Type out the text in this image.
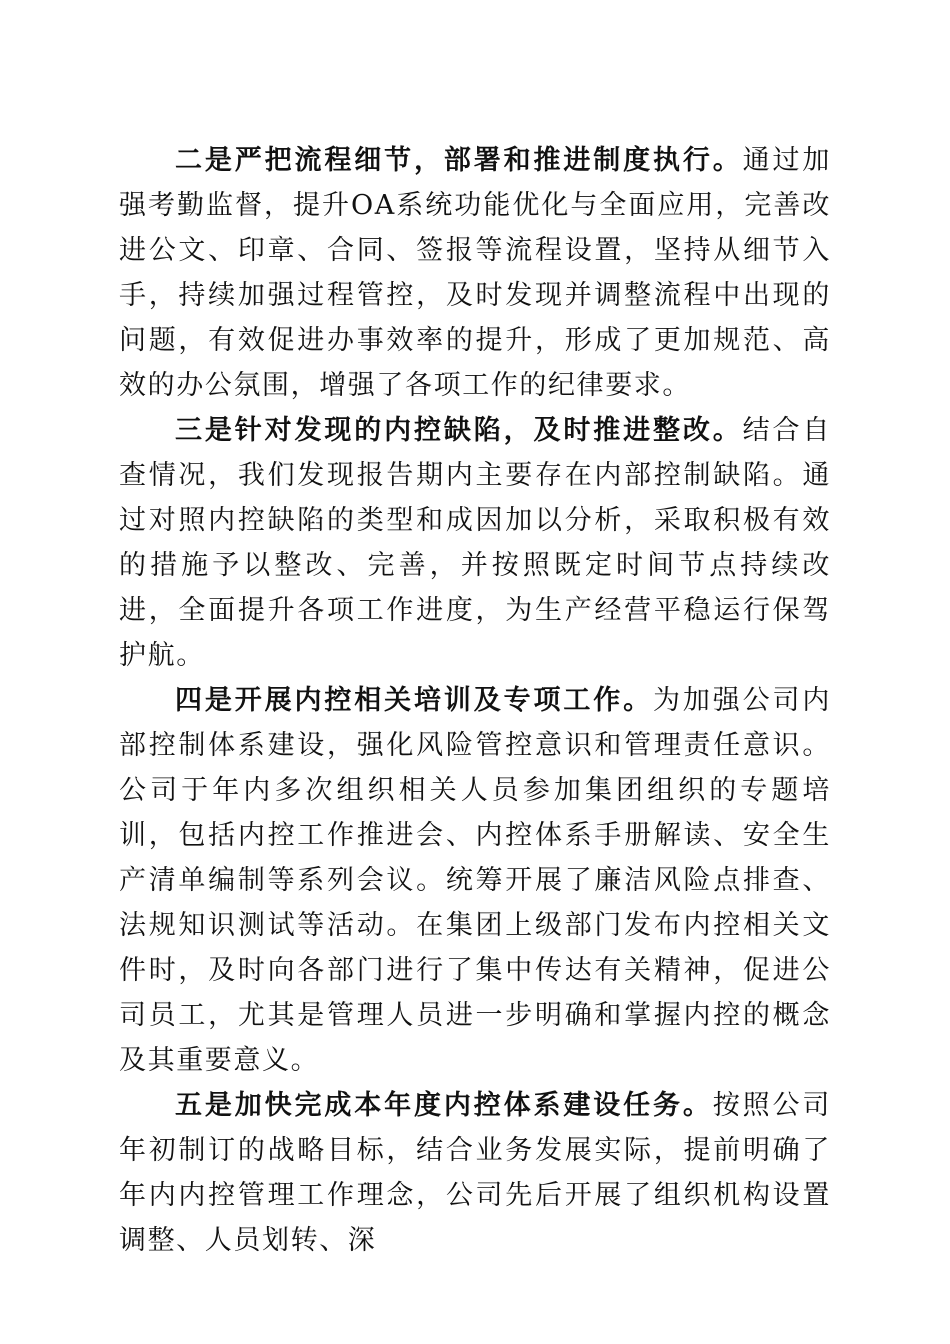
二是严把流程细节，部署和推进制度执行。通过加强考勤监督，提升OA系统功能优化与全面应用，完善改进公文、印章、合同、签报等流程设置，坚持从细节入手，持续加强过程管控，及时发现并调整流程中出现的问题，有效促进办事效率的提升，形成了更加规范、高效的办公氛围，增强了各项工作的纪律要求。

三是针对发现的内控缺陷，及时推进整改。结合自查情况，我们发现报告期内主要存在内部控制缺陷。通过对照内控缺陷的类型和成因加以分析，采取积极有效的措施予以整改、完善，并按照既定时间节点持续改进，全面提升各项工作进度，为生产经营平稳运行保驾护航。

四是开展内控相关培训及专项工作。为加强公司内部控制体系建设，强化风险管控意识和管理责任意识。公司于年内多次组织相关人员参加集团组织的专题培训，包括内控工作推进会、内控体系手册解读、安全生产清单编制等系列会议。统筹开展了廉洁风险点排查、法规知识测试等活动。在集团上级部门发布内控相关文件时，及时向各部门进行了集中传达有关精神，促进公司员工，尤其是管理人员进一步明确和掌握内控的概念及其重要意义。

五是加快完成本年度内控体系建设任务。按照公司年初制订的战略目标，结合业务发展实际，提前明确了年内内控管理工作理念，公司先后开展了组织机构设置调整、人员划转、深
